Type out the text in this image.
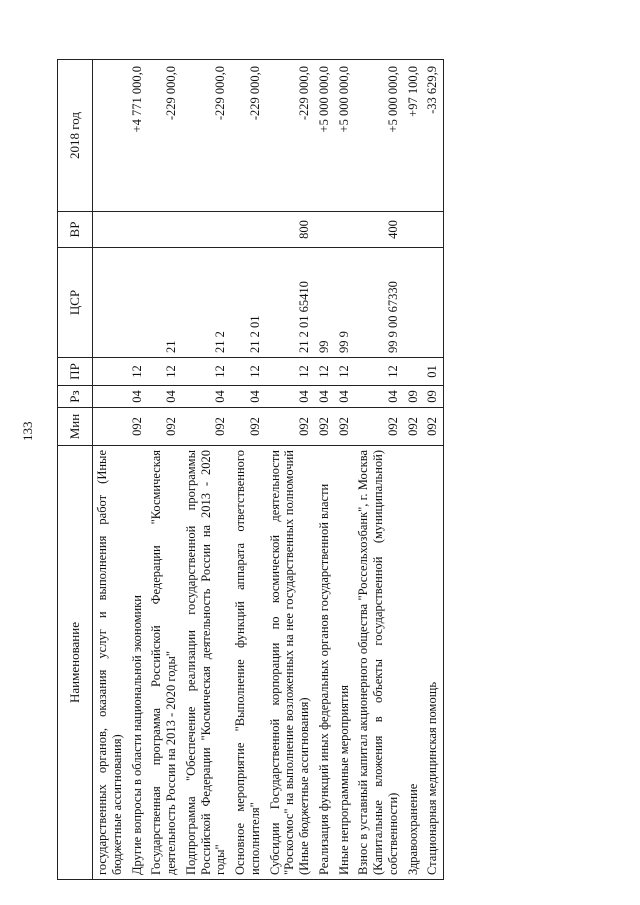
133
Наименование	Мин	Рз	ПР	ЦСР	ВР	2018 год
государственных органов, оказания услуг и выполнения работ (Иные бюджетные ассигнования)						
Другие вопросы в области национальной экономики	092	04	12			+4 771 000,0
Государственная программа Российской Федерации "Космическая деятельность России на 2013 - 2020 годы"	092	04	12	21		-229 000,0
Подпрограмма "Обеспечение реализации государственной программы Российской Федерации "Космическая деятельность России на 2013 - 2020 годы"	092	04	12	21 2		-229 000,0
Основное мероприятие "Выполнение функций аппарата ответственного исполнителя"	092	04	12	21 2 01		-229 000,0
Субсидии Государственной корпорации по космической деятельности "Роскосмос" на выполнение возложенных на нее государственных полномочий (Иные бюджетные ассигнования)	092	04	12	21 2 01 65410	800	-229 000,0
Реализация функций иных федеральных органов государственной власти	092	04	12	99		+5 000 000,0
Иные непрограммные мероприятия	092	04	12	99 9		+5 000 000,0
Взнос в уставный капитал акционерного общества "Россельхозбанк", г. Москва (Капитальные вложения в объекты государственной (муниципальной) собственности)	092	04	12	99 9 00 67330	400	+5 000 000,0
Здравоохранение	092	09				+97 100,0
Стационарная медицинская помощь	092	09	01			-33 629,9
